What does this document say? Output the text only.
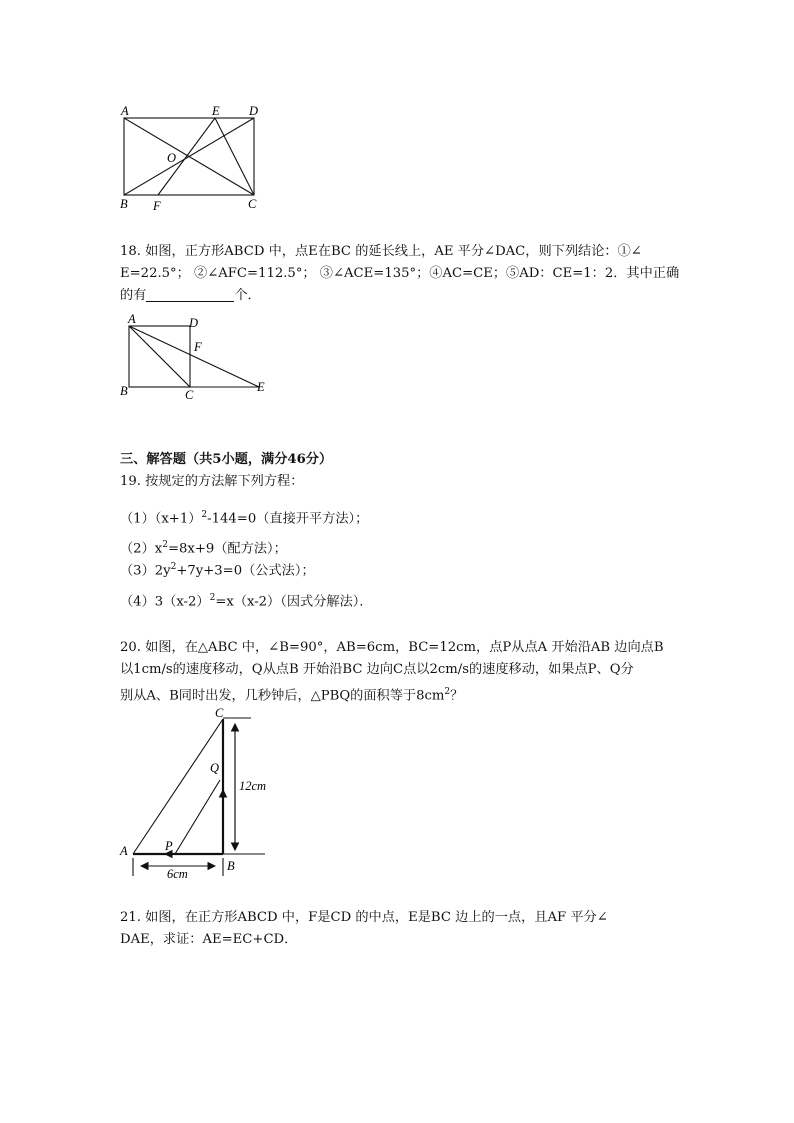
A	E D
O
B F	C
18. 如图，正方形ABCD 中，点E在BC 的延长线上，AE 平分∠DAC，则下列结论：①∠
E=22.5°； ②∠AFC=112.5°； ③∠ACE=135°；④AC=CE；⑤AD：CE=1：2．其中正确
的有	个．
A	D
F
B	C
E
三、解答题（共5小题，满分46分）
19. 按规定的方法解下列方程：
$(1)(x+1)^2-144=0$（直接开平方法）；
$(2)x^2=8x+9$（配方法）；
$(3)2y^2+7y+3=0$（公式法）；
$(4)3(x-2)^2=x(x-2)$（因式分解法）．
20. 如图，在△ABC 中，∠B=90°，AB=6cm，BC=12cm，点P从点A 开始沿AB 边向点B
以1cm/s的速度移动，Q从点B 开始沿BC 边向C点以2cm/s的速度移动，如果点P、Q分
别从A、B同时出发，几秒钟后，△PBQ的面积等于$8cm^2$？
C
Q
12cm
A	P
B
6cm
21. 如图，在正方形ABCD 中，F是CD 的中点，E是BC 边上的一点，且AF 平分∠
DAE，求证：AE=EC+CD．
